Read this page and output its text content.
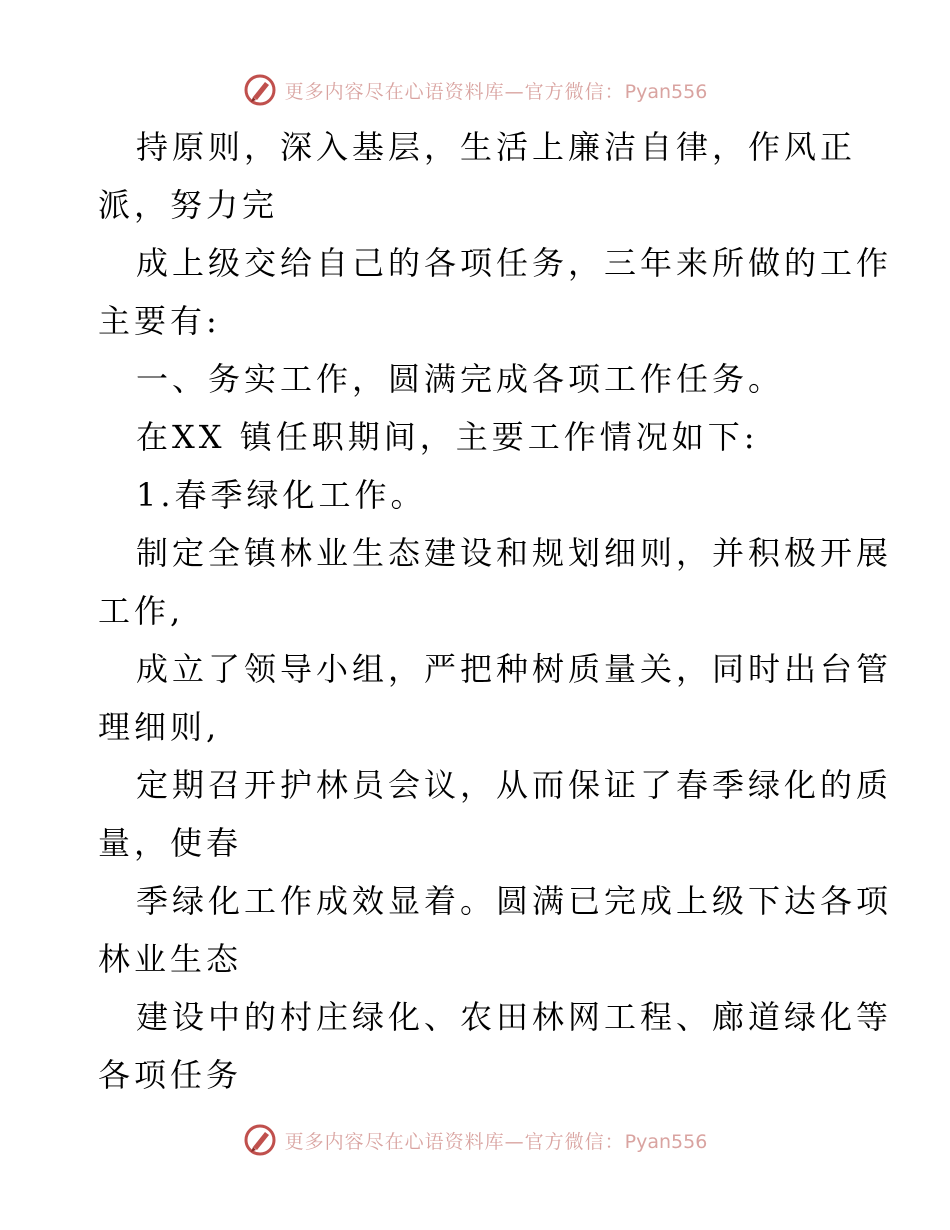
更多内容尽在心语资料库—官方微信：Pyan556
持原则，深入基层，生活上廉洁自律，作风正
派，努力完
成上级交给自己的各项任务，三年来所做的工作
主要有:
一、务实工作，圆满完成各项工作任务。
在XX 镇任职期间，主要工作情况如下:
1.春季绿化工作。
制定全镇林业生态建设和规划细则，并积极开展
工作,
成立了领导小组，严把种树质量关，同时出台管
理细则,
定期召开护林员会议，从而保证了春季绿化的质
量，使春
季绿化工作成效显着。圆满已完成上级下达各项
林业生态
建设中的村庄绿化、农田林网工程、廊道绿化等
各项任务
更多内容尽在心语资料库—官方微信：Pyan556
